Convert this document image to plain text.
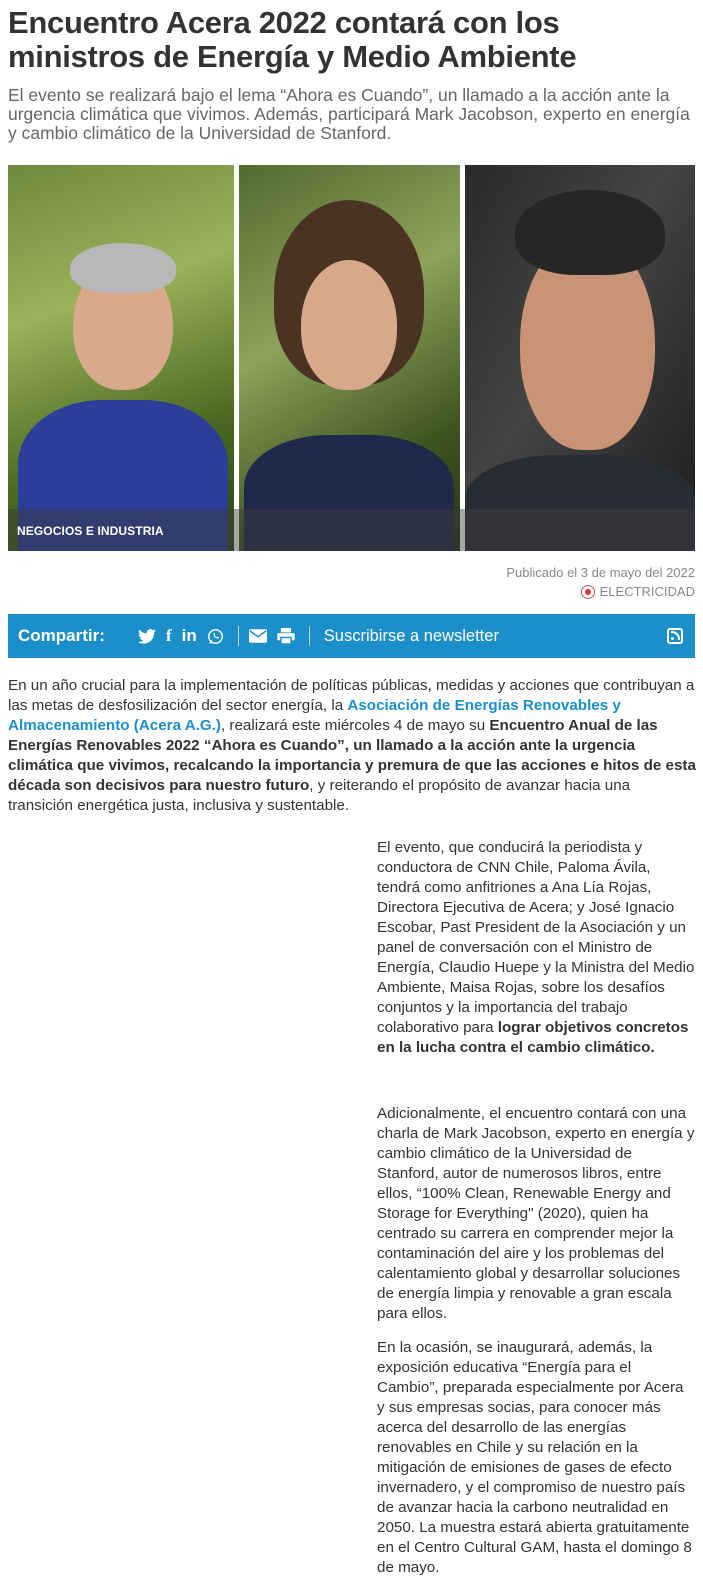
Encuentro Acera 2022 contará con los ministros de Energía y Medio Ambiente

El evento se realizará bajo el lema “Ahora es Cuando”, un llamado a la acción ante la urgencia climática que vivimos. Además, participará Mark Jacobson, experto en energía y cambio climático de la Universidad de Stanford.

NEGOCIOS E INDUSTRIA
Publicado el 3 de mayo del 2022
ELECTRICIDAD
Compartir:	f in	Suscribirse a newsletter

En un año crucial para la implementación de políticas públicas, medidas y acciones que contribuyan a las metas de desfosilización del sector energía, la Asociación de Energías Renovables y Almacenamiento (Acera A.G.), realizará este miércoles 4 de mayo su Encuentro Anual de las Energías Renovables 2022 “Ahora es Cuando”, un llamado a la acción ante la urgencia climática que vivimos, recalcando la importancia y premura de que las acciones e hitos de esta década son decisivos para nuestro futuro, y reiterando el propósito de avanzar hacia una transición energética justa, inclusiva y sustentable.

El evento, que conducirá la periodista y conductora de CNN Chile, Paloma Ávila, tendrá como anfitriones a Ana Lía Rojas, Directora Ejecutiva de Acera; y José Ignacio Escobar, Past President de la Asociación y un panel de conversación con el Ministro de Energía, Claudio Huepe y la Ministra del Medio Ambiente, Maisa Rojas, sobre los desafíos conjuntos y la importancia del trabajo colaborativo para lograr objetivos concretos en la lucha contra el cambio climático.

Adicionalmente, el encuentro contará con una charla de Mark Jacobson, experto en energía y cambio climático de la Universidad de Stanford, autor de numerosos libros, entre ellos, “100% Clean, Renewable Energy and Storage for Everything" (2020), quien ha centrado su carrera en comprender mejor la contaminación del aire y los problemas del calentamiento global y desarrollar soluciones de energía limpia y renovable a gran escala para ellos.

En la ocasión, se inaugurará, además, la exposición educativa “Energía para el Cambio”, preparada especialmente por Acera y sus empresas socias, para conocer más acerca del desarrollo de las energías renovables en Chile y su relación en la mitigación de emisiones de gases de efecto invernadero, y el compromiso de nuestro país de avanzar hacia la carbono neutralidad en 2050. La muestra estará abierta gratuitamente en el Centro Cultural GAM, hasta el domingo 8 de mayo.
